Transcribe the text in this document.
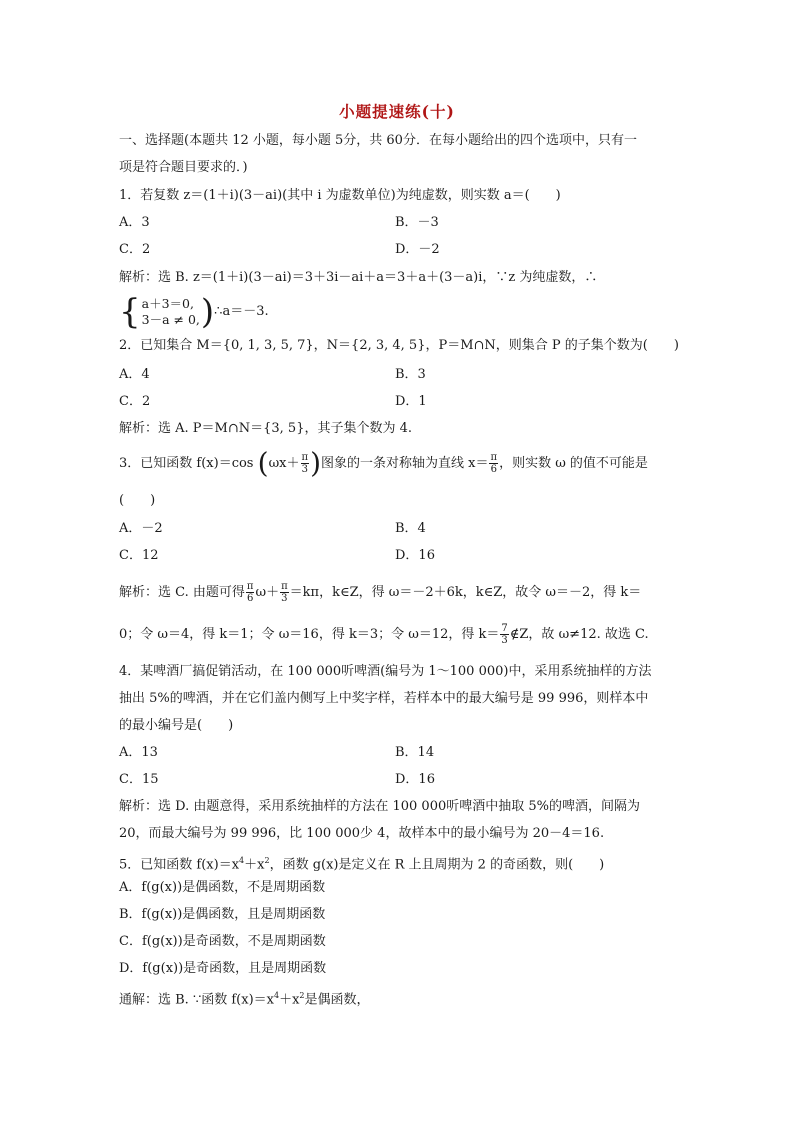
小题提速练(十)
一、选择题(本题共 12 小题，每小题 5分，共 60分．在每小题给出的四个选项中，只有一
项是符合题目要求的．)
1．若复数 z＝(1＋i)(3－ai)(其中 i 为虚数单位)为纯虚数，则实数 a＝(　　)
A．3	B．－3
C．2	D．－2
解析：选 B. z＝(1＋i)(3－ai)＝3＋3i－ai＋a＝3＋a＋(3－a)i，∵z 为纯虚数，∴
{ a＋3＝0,
3－a ≠ 0, ) ∴a＝－3.
2．已知集合 M＝{0, 1, 3, 5, 7}，N＝{2, 3, 4, 5}，P＝M∩N，则集合 P 的子集个数为(　　)
A．4	B．3
C．2	D．1
解析：选 A. P＝M∩N＝{3, 5}，其子集个数为 4.
3．已知函数 f(x)＝cos ($\omega x+ \frac{\pi}{3}$ )图象的一条对称轴为直线 $x= \frac{\pi}{6}$ ，则实数 ω 的值不可能是
(　　)
A．－2	B．4
C．12	D．16
解析：选 C. 由题可得 $\frac{\pi}{6} \omega+ \frac{\pi}{3} =k\pi$，k∈Z，得 ω＝－2＋6k，k∈Z，故令 ω＝－2，得 k＝
0；令 ω＝4，得 k＝1；令 ω＝16，得 k＝3；令 ω＝12，得 $k= \frac{7}{3}$ ∉Z，故 ω≠12. 故选 C.
4．某啤酒厂搞促销活动，在 100 000听啤酒(编号为 1～100 000)中，采用系统抽样的方法
抽出 5%的啤酒，并在它们盖内侧写上中奖字样，若样本中的最大编号是 99 996，则样本中
的最小编号是(　　)
A．13	B．14
C．15	D．16
解析：选 D. 由题意得，采用系统抽样的方法在 100 000听啤酒中抽取 5%的啤酒，间隔为
20，而最大编号为 99 996，比 100 000少 4，故样本中的最小编号为 20－4＝16.
5．已知函数 $f(x)=x^4+x^2$，函数 g(x)是定义在 R 上且周期为 2 的奇函数，则(　　)
A．f(g(x))是偶函数，不是周期函数
B．f(g(x))是偶函数，且是周期函数
C．f(g(x))是奇函数，不是周期函数
D．f(g(x))是奇函数，且是周期函数
通解：选 B. ∵函数 $f(x)=x^4+x^2$是偶函数，
